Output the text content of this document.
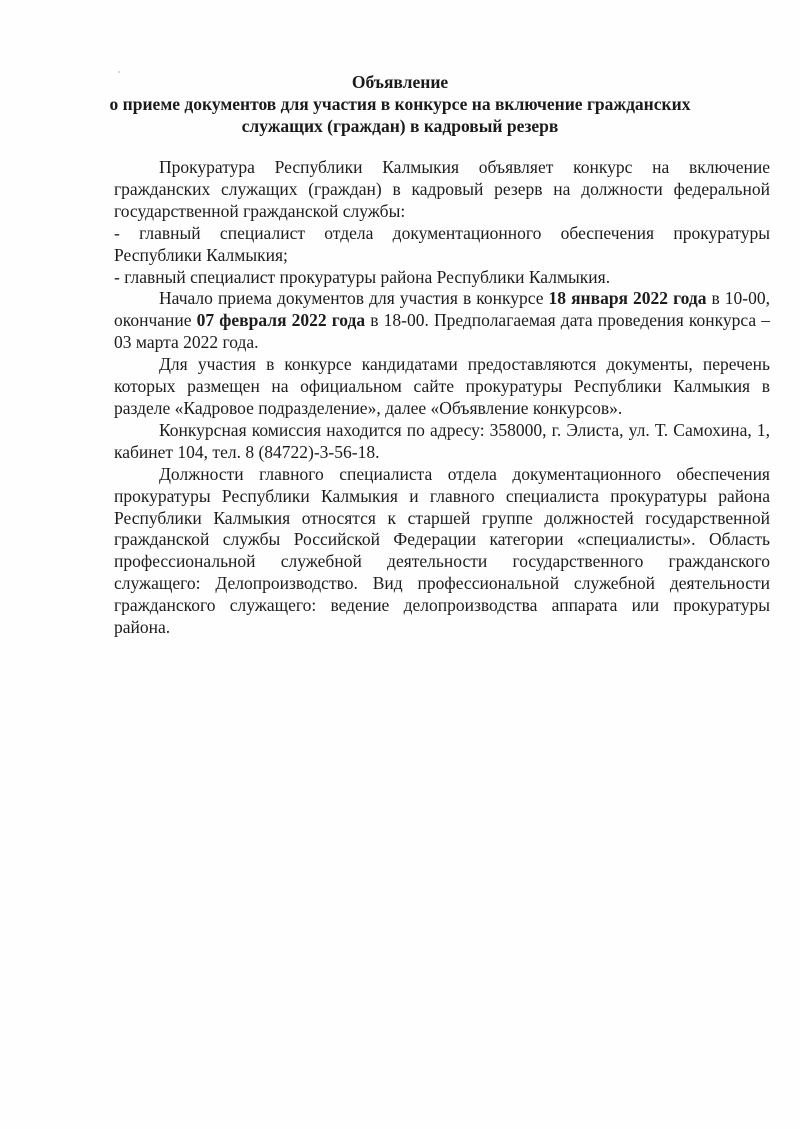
Объявление
о приеме документов для участия в конкурсе на включение гражданских
служащих (граждан) в кадровый резерв

Прокуратура Республики Калмыкия объявляет конкурс на включение гражданских служащих (граждан) в кадровый резерв на должности федеральной государственной гражданской службы:

- главный специалист отдела документационного обеспечения прокуратуры Республики Калмыкия;

- главный специалист прокуратуры района Республики Калмыкия.

Начало приема документов для участия в конкурсе 18 января 2022 года в 10-00, окончание 07 февраля 2022 года в 18-00. Предполагаемая дата проведения конкурса – 03 марта 2022 года.

Для участия в конкурсе кандидатами предоставляются документы, перечень которых размещен на официальном сайте прокуратуры Республики Калмыкия в разделе «Кадровое подразделение», далее «Объявление конкурсов».

Конкурсная комиссия находится по адресу: 358000, г. Элиста, ул. Т. Самохина, 1, кабинет 104, тел. 8 (84722)-3-56-18.

Должности главного специалиста отдела документационного обеспечения прокуратуры Республики Калмыкия и главного специалиста прокуратуры района Республики Калмыкия относятся к старшей группе должностей государственной гражданской службы Российской Федерации категории «специалисты». Область профессиональной служебной деятельности государственного гражданского служащего: Делопроизводство. Вид профессиональной служебной деятельности гражданского служащего: ведение делопроизводства аппарата или прокуратуры района.
